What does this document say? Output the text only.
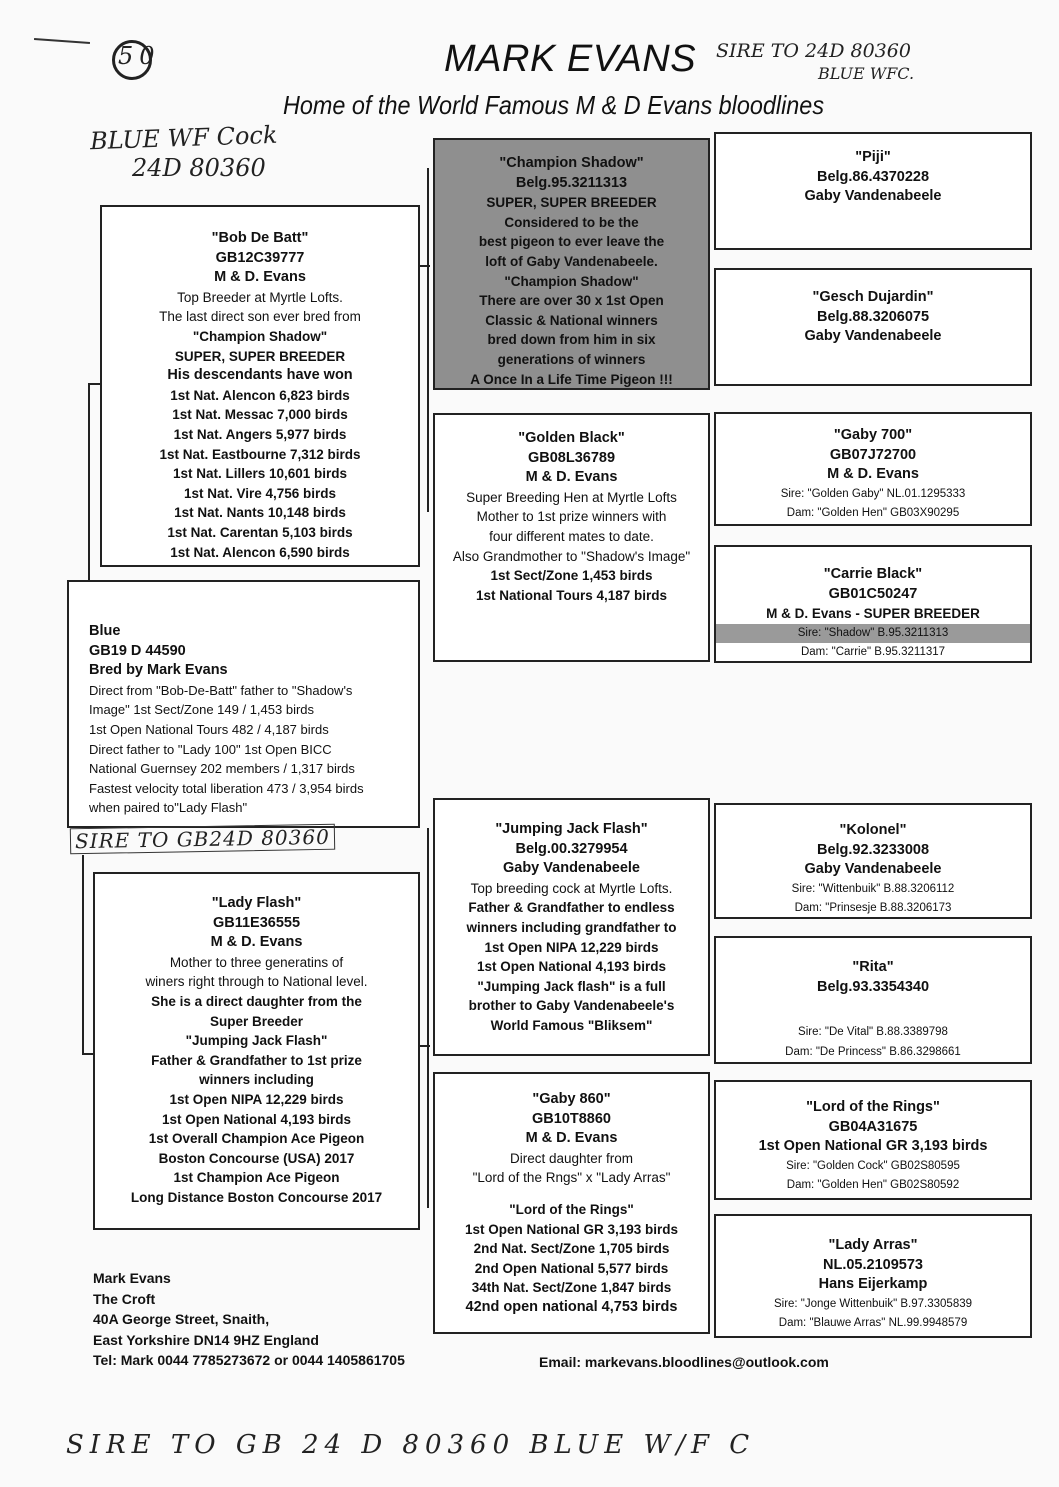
50	MARK EVANS
Home of the World Famous M & D Evans bloodlines
SIRE TO 24D 80360
BLUE WFC.
BLUE WF Cock
24D 80360	"Champion Shadow"
Belg.95.3211313
SUPER, SUPER BREEDER
Considered to be the
best pigeon to ever leave the
loft of Gaby Vandenabeele.
"Champion Shadow"
There are over 30 x 1st Open
Classic & National winners
bred down from him in six
generations of winners
A Once In a Life Time Pigeon !!!
"Piji"
Belg.86.4370228
Gaby Vandenabeele
"Gesch Dujardin"
Belg.88.3206075
Gaby Vandenabeele
"Bob De Batt"
GB12C39777
M & D. Evans
Top Breeder at Myrtle Lofts.
The last direct son ever bred from
"Champion Shadow"
SUPER, SUPER BREEDER
His descendants have won
1st Nat. Alencon 6,823 birds
1st Nat. Messac 7,000 birds
1st Nat. Angers 5,977 birds
1st Nat. Eastbourne 7,312 birds
1st Nat. Lillers 10,601 birds
1st Nat. Vire 4,756 birds
1st Nat. Nants 10,148 birds
1st Nat. Carentan 5,103 birds
1st Nat. Alencon 6,590 birds
"Golden Black"
GB08L36789
M & D. Evans
Super Breeding Hen at Myrtle Lofts
Mother to 1st prize winners with
four different mates to date.
Also Grandmother to "Shadow's Image"
1st Sect/Zone 1,453 birds
1st National Tours 4,187 birds
"Gaby 700"
GB07J72700
M & D. Evans
Sire: "Golden Gaby" NL.01.1295333
Dam: "Golden Hen" GB03X90295
"Carrie Black"
GB01C50247
M & D. Evans - SUPER BREEDER
Sire: "Shadow" B.95.3211313
Dam: "Carrie" B.95.3211317
Blue
GB19 D 44590
Bred by Mark Evans
Direct from "Bob-De-Batt" father to "Shadow's
Image" 1st Sect/Zone 149 / 1,453 birds
1st Open National Tours 482 / 4,187 birds
Direct father to "Lady 100" 1st Open BICC
National Guernsey 202 members / 1,317 birds
Fastest velocity total liberation 473 / 3,954 birds
when paired to"Lady Flash"
SIRE TO GB24D 80360	"Jumping Jack Flash"
Belg.00.3279954
Gaby Vandenabeele
Top breeding cock at Myrtle Lofts.
Father & Grandfather to endless
winners including grandfather to
1st Open NIPA 12,229 birds
1st Open National 4,193 birds
"Jumping Jack flash" is a full
brother to Gaby Vandenabeele's
World Famous "Bliksem"
"Kolonel"
Belg.92.3233008
Gaby Vandenabeele
Sire: "Wittenbuik" B.88.3206112
Dam: "Prinsesje B.88.3206173
"Lady Flash"
GB11E36555
M & D. Evans
Mother to three generatins of
winers right through to National level.
She is a direct daughter from the
Super Breeder
"Jumping Jack Flash"
Father & Grandfather to 1st prize
winners including
1st Open NIPA 12,229 birds
1st Open National 4,193 birds
1st Overall Champion Ace Pigeon
Boston Concourse (USA) 2017
1st Champion Ace Pigeon
Long Distance Boston Concourse 2017
"Rita"
Belg.93.3354340
Sire: "De Vital" B.88.3389798
Dam: "De Princess" B.86.3298661
"Gaby 860"
GB10T8860
M & D. Evans
Direct daughter from
"Lord of the Rngs" x "Lady Arras"
"Lord of the Rings"
1st Open National GR 3,193 birds
2nd Nat. Sect/Zone 1,705 birds
2nd Open National 5,577 birds
34th Nat. Sect/Zone 1,847 birds
42nd open national 4,753 birds
"Lord of the Rings"
GB04A31675
1st Open National GR 3,193 birds
Sire: "Golden Cock" GB02S80595
Dam: "Golden Hen" GB02S80592
"Lady Arras"
NL.05.2109573
Hans Eijerkamp
Sire: "Jonge Wittenbuik" B.97.3305839
Dam: "Blauwe Arras" NL.99.9948579
Mark Evans
The Croft
40A George Street, Snaith,
East Yorkshire DN14 9HZ England
Tel: Mark 0044 7785273672 or 0044 1405861705	Email: markevans.bloodlines@outlook.com
SIRE TO GB 24 D 80360 BLUE W/F C
